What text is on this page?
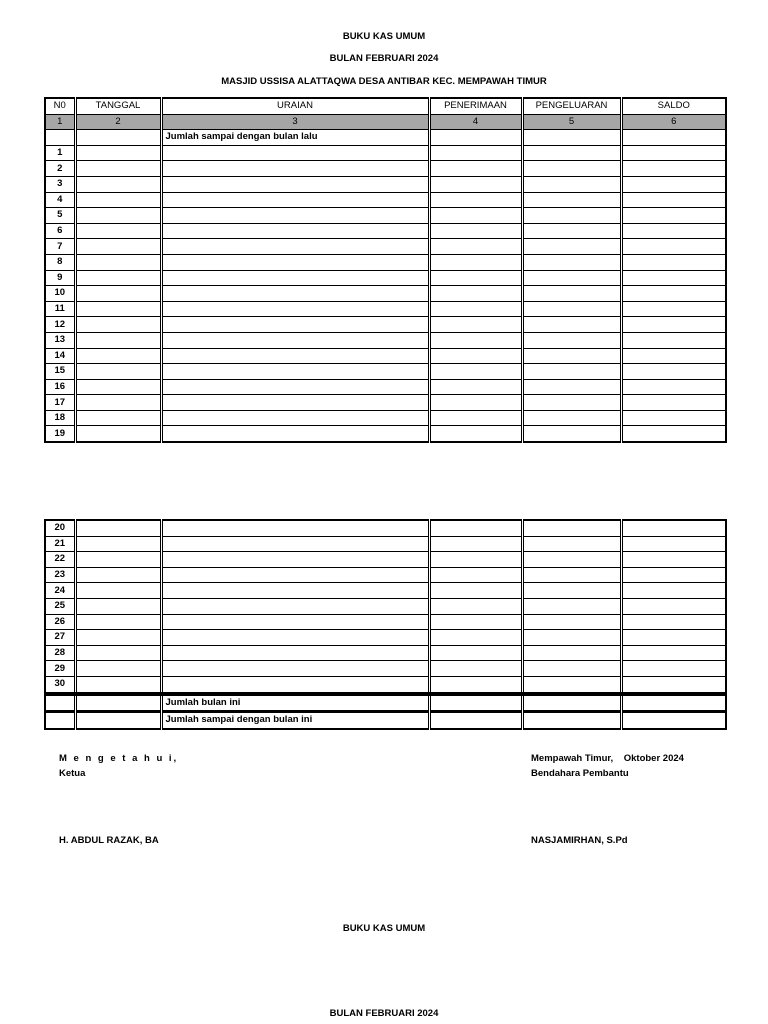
BUKU KAS UMUM
BULAN FEBRUARI 2024
MASJID USSISA ALATTAQWA DESA ANTIBAR KEC. MEMPAWAH TIMUR
N0	TANGGAL	URAIAN	PENERIMAAN	PENGELUARAN	SALDO
1	2	3	4	5	6
		Jumlah sampai dengan bulan lalu			
1					
2					
3					
4					
5					
6					
7					
8					
9					
10					
11					
12					
13					
14					
15					
16					
17					
18					
19					
20					
21					
22					
23					
24					
25					
26					
27					
28					
29					
30					
		Jumlah bulan ini			
		Jumlah sampai dengan bulan ini			
M e n g e t a h u i,
Ketua
H. ABDUL RAZAK, BA
Mempawah Timur,    Oktober 2024
Bendahara Pembantu
NASJAMIRHAN, S.Pd
BUKU KAS UMUM
BULAN FEBRUARI 2024
